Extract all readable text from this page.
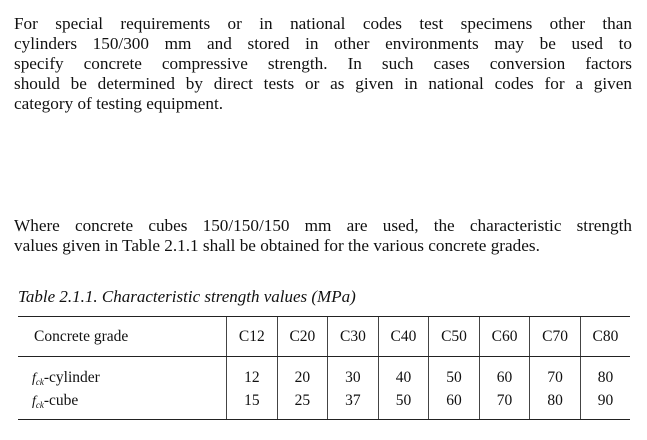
For special requirements or in national codes test specimens other than
cylinders 150/300 mm and stored in other environments may be used to
specify concrete compressive strength. In such cases conversion factors
should be determined by direct tests or as given in national codes for a given
category of testing equipment.

Where concrete cubes 150/150/150 mm are used, the characteristic strength
values given in Table 2.1.1 shall be obtained for the various concrete grades.

Table 2.1.1. Characteristic strength values (MPa)

Concrete grade	C12	C20	C30	C40	C50	C60	C70	C80
$f_{ck}$-cylinder	12	20	30	40	50	60	70	80
$f_{ck}$-cube	15	25	37	50	60	70	80	90
